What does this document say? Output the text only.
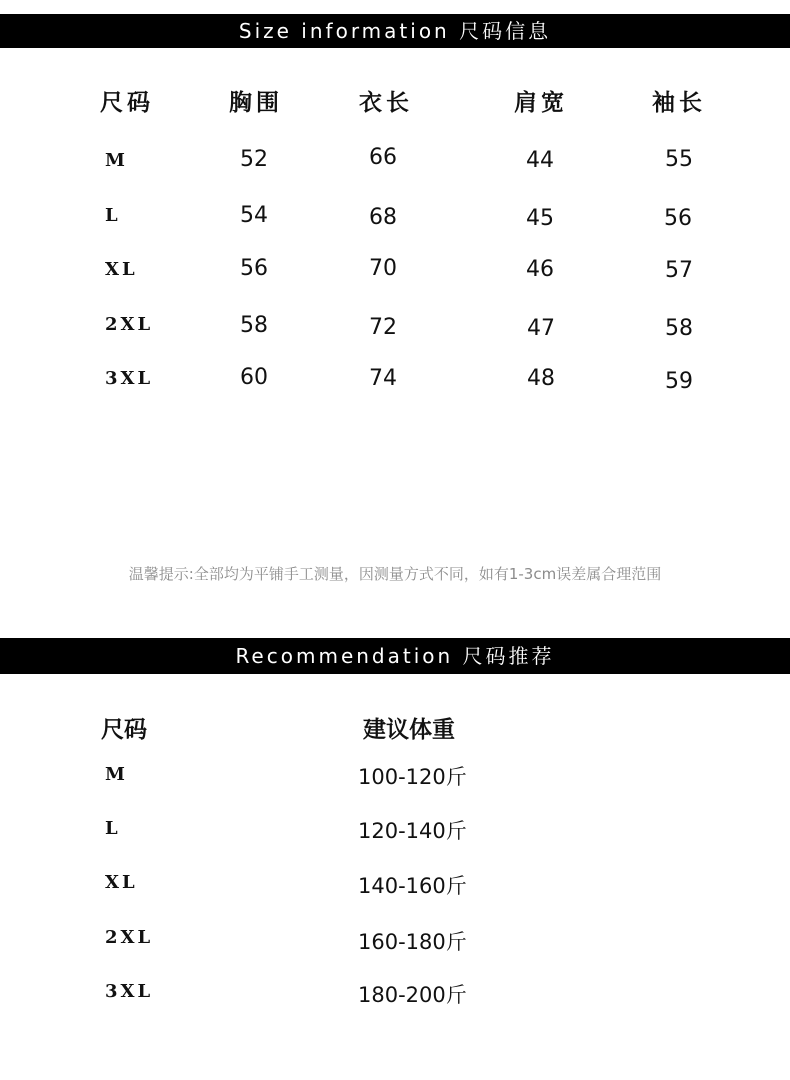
Size information 尺码信息
尺码	胸围	衣长	肩宽	袖长
M	52	66	44	55
L	54	68	45	56
XL	56	70	46	57
2XL	58	72	47	58
3XL	60	74	48	59
温馨提示:全部均为平铺手工测量，因测量方式不同，如有1-3cm误差属合理范围
Recommendation 尺码推荐
尺码	建议体重
M	100-120斤
L	120-140斤
XL	140-160斤
2XL	160-180斤
3XL	180-200斤
